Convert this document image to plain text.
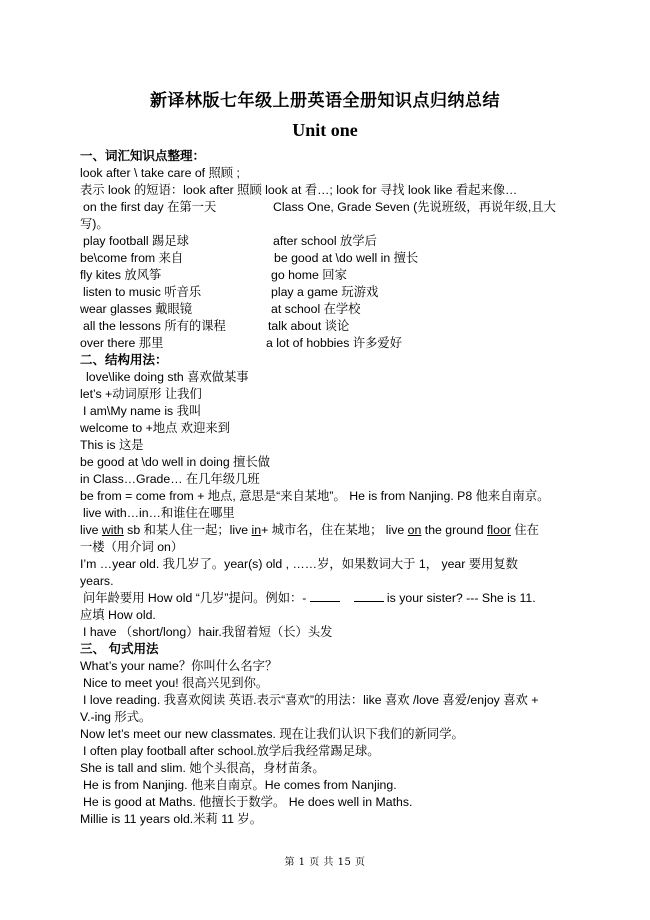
新译林版七年级上册英语全册知识点归纳总结
Unit one
一、词汇知识点整理：
look after \ take care of 照顾 ;
表示 look 的短语：look after 照顾 look at 看…; look for 寻找 look like 看起来像…
on the first day 在第一天	Class One, Grade Seven (先说班级，再说年级,且大
写)。
play football 踢足球	after school 放学后
be\come from 来自	be good at \do well in 擅长
fly kites 放风筝	go home 回家
listen to music 听音乐	play a game 玩游戏
wear glasses 戴眼镜	at school 在学校
all the lessons 所有的课程	talk about 谈论
over there 那里	a lot of hobbies 许多爱好
二、结构用法：
love\like doing sth 喜欢做某事
let’s +动词原形 让我们
I am\My name is 我叫
welcome to +地点 欢迎来到
This is 这是
be good at \do well in doing 擅长做
in Class…Grade… 在几年级几班
be from = come from + 地点, 意思是“来自某地”。 He is from Nanjing. P8 他来自南京。
live with…in…和谁住在哪里
live with sb 和某人住一起；live in+ 城市名，住在某地； live on the ground floor 住在
一楼（用介词 on）
I’m …year old. 我几岁了。year(s) old , ……岁，如果数词大于 1， year 要用复数
years.
问年龄要用 How old “几岁”提问。例如：-	is your sister? --- She is 11.
应填 How old.
I have （short/long）hair.我留着短（长）头发
三、 句式用法
What’s your name？你叫什么名字？
Nice to meet you! 很高兴见到你。
I love reading. 我喜欢阅读 英语.表示“喜欢”的用法：like 喜欢 /love 喜爱/enjoy 喜欢 +
V.-ing 形式。
Now let’s meet our new classmates. 现在让我们认识下我们的新同学。
I often play football after school.放学后我经常踢足球。
She is tall and slim. 她个头很高，身材苗条。
He is from Nanjing. 他来自南京。He comes from Nanjing.
He is good at Maths. 他擅长于数学。 He does well in Maths.
Millie is 11 years old.米莉 11 岁。
第 1 页 共 15 页
